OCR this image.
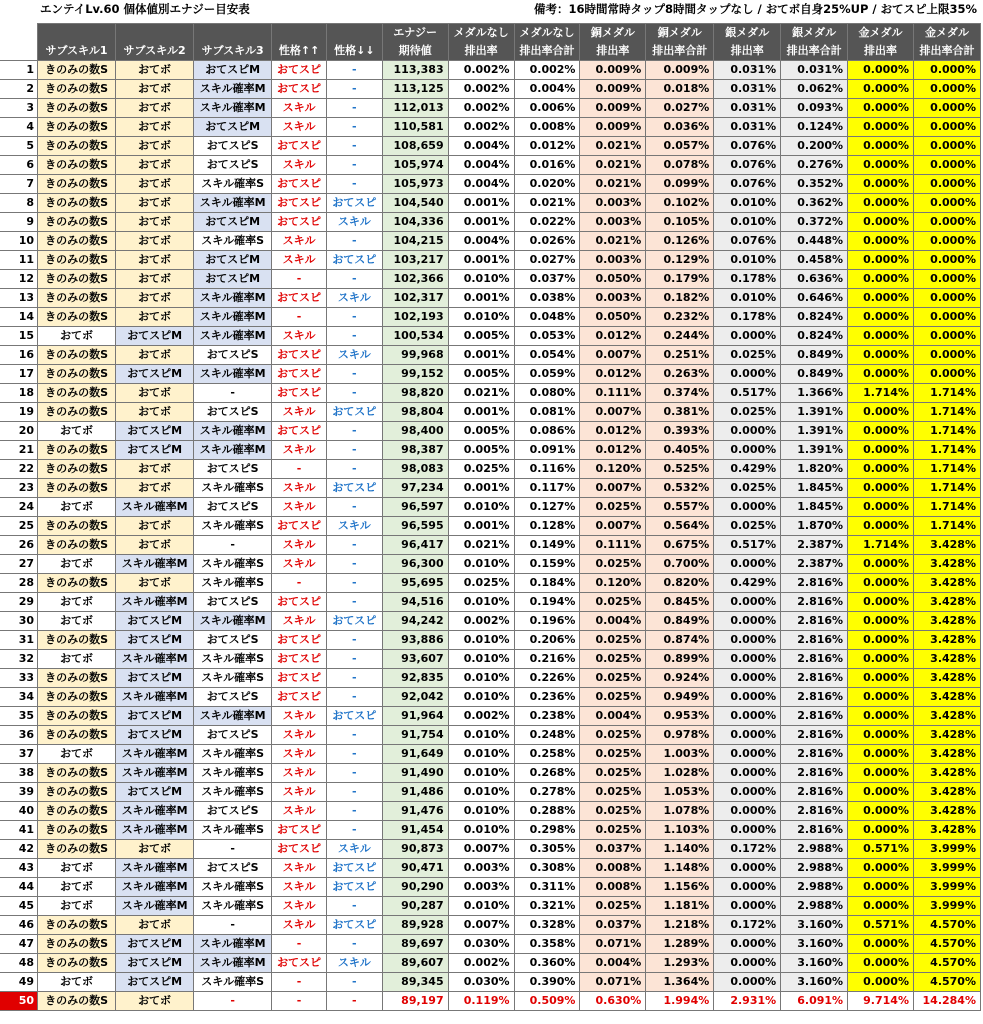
エンテイLv.60 個体値別エナジー目安表	備考：16時間常時タップ8時間タップなし / おてボ自身25%UP / おてスピ上限35%
						エナジー	メダルなし	メダルなし	銅メダル	銅メダル	銀メダル	銀メダル	金メダル	金メダル
	サブスキル1	サブスキル2	サブスキル3	性格↑↑	性格↓↓	期待値	排出率	排出率合計	排出率	排出率合計	排出率	排出率合計	排出率	排出率合計
1	きのみの数S	おてボ	おてスピM	おてスピ	-	113,383	0.002%	0.002%	0.009%	0.009%	0.031%	0.031%	0.000%	0.000%
2	きのみの数S	おてボ	スキル確率M	おてスピ	-	113,125	0.002%	0.004%	0.009%	0.018%	0.031%	0.062%	0.000%	0.000%
3	きのみの数S	おてボ	スキル確率M	スキル	-	112,013	0.002%	0.006%	0.009%	0.027%	0.031%	0.093%	0.000%	0.000%
4	きのみの数S	おてボ	おてスピM	スキル	-	110,581	0.002%	0.008%	0.009%	0.036%	0.031%	0.124%	0.000%	0.000%
5	きのみの数S	おてボ	おてスピS	おてスピ	-	108,659	0.004%	0.012%	0.021%	0.057%	0.076%	0.200%	0.000%	0.000%
6	きのみの数S	おてボ	おてスピS	スキル	-	105,974	0.004%	0.016%	0.021%	0.078%	0.076%	0.276%	0.000%	0.000%
7	きのみの数S	おてボ	スキル確率S	おてスピ	-	105,973	0.004%	0.020%	0.021%	0.099%	0.076%	0.352%	0.000%	0.000%
8	きのみの数S	おてボ	スキル確率M	おてスピ	おてスピ	104,540	0.001%	0.021%	0.003%	0.102%	0.010%	0.362%	0.000%	0.000%
9	きのみの数S	おてボ	おてスピM	おてスピ	スキル	104,336	0.001%	0.022%	0.003%	0.105%	0.010%	0.372%	0.000%	0.000%
10	きのみの数S	おてボ	スキル確率S	スキル	-	104,215	0.004%	0.026%	0.021%	0.126%	0.076%	0.448%	0.000%	0.000%
11	きのみの数S	おてボ	おてスピM	スキル	おてスピ	103,217	0.001%	0.027%	0.003%	0.129%	0.010%	0.458%	0.000%	0.000%
12	きのみの数S	おてボ	おてスピM	-	-	102,366	0.010%	0.037%	0.050%	0.179%	0.178%	0.636%	0.000%	0.000%
13	きのみの数S	おてボ	スキル確率M	おてスピ	スキル	102,317	0.001%	0.038%	0.003%	0.182%	0.010%	0.646%	0.000%	0.000%
14	きのみの数S	おてボ	スキル確率M	-	-	102,193	0.010%	0.048%	0.050%	0.232%	0.178%	0.824%	0.000%	0.000%
15	おてボ	おてスピM	スキル確率M	スキル	-	100,534	0.005%	0.053%	0.012%	0.244%	0.000%	0.824%	0.000%	0.000%
16	きのみの数S	おてボ	おてスピS	おてスピ	スキル	99,968	0.001%	0.054%	0.007%	0.251%	0.025%	0.849%	0.000%	0.000%
17	きのみの数S	おてスピM	スキル確率M	おてスピ	-	99,152	0.005%	0.059%	0.012%	0.263%	0.000%	0.849%	0.000%	0.000%
18	きのみの数S	おてボ	-	おてスピ	-	98,820	0.021%	0.080%	0.111%	0.374%	0.517%	1.366%	1.714%	1.714%
19	きのみの数S	おてボ	おてスピS	スキル	おてスピ	98,804	0.001%	0.081%	0.007%	0.381%	0.025%	1.391%	0.000%	1.714%
20	おてボ	おてスピM	スキル確率M	おてスピ	-	98,400	0.005%	0.086%	0.012%	0.393%	0.000%	1.391%	0.000%	1.714%
21	きのみの数S	おてスピM	スキル確率M	スキル	-	98,387	0.005%	0.091%	0.012%	0.405%	0.000%	1.391%	0.000%	1.714%
22	きのみの数S	おてボ	おてスピS	-	-	98,083	0.025%	0.116%	0.120%	0.525%	0.429%	1.820%	0.000%	1.714%
23	きのみの数S	おてボ	スキル確率S	スキル	おてスピ	97,234	0.001%	0.117%	0.007%	0.532%	0.025%	1.845%	0.000%	1.714%
24	おてボ	スキル確率M	おてスピS	スキル	-	96,597	0.010%	0.127%	0.025%	0.557%	0.000%	1.845%	0.000%	1.714%
25	きのみの数S	おてボ	スキル確率S	おてスピ	スキル	96,595	0.001%	0.128%	0.007%	0.564%	0.025%	1.870%	0.000%	1.714%
26	きのみの数S	おてボ	-	スキル	-	96,417	0.021%	0.149%	0.111%	0.675%	0.517%	2.387%	1.714%	3.428%
27	おてボ	スキル確率M	スキル確率S	スキル	-	96,300	0.010%	0.159%	0.025%	0.700%	0.000%	2.387%	0.000%	3.428%
28	きのみの数S	おてボ	スキル確率S	-	-	95,695	0.025%	0.184%	0.120%	0.820%	0.429%	2.816%	0.000%	3.428%
29	おてボ	スキル確率M	おてスピS	おてスピ	-	94,516	0.010%	0.194%	0.025%	0.845%	0.000%	2.816%	0.000%	3.428%
30	おてボ	おてスピM	スキル確率M	スキル	おてスピ	94,242	0.002%	0.196%	0.004%	0.849%	0.000%	2.816%	0.000%	3.428%
31	きのみの数S	おてスピM	おてスピS	おてスピ	-	93,886	0.010%	0.206%	0.025%	0.874%	0.000%	2.816%	0.000%	3.428%
32	おてボ	スキル確率M	スキル確率S	おてスピ	-	93,607	0.010%	0.216%	0.025%	0.899%	0.000%	2.816%	0.000%	3.428%
33	きのみの数S	おてスピM	スキル確率S	おてスピ	-	92,835	0.010%	0.226%	0.025%	0.924%	0.000%	2.816%	0.000%	3.428%
34	きのみの数S	スキル確率M	おてスピS	おてスピ	-	92,042	0.010%	0.236%	0.025%	0.949%	0.000%	2.816%	0.000%	3.428%
35	きのみの数S	おてスピM	スキル確率M	スキル	おてスピ	91,964	0.002%	0.238%	0.004%	0.953%	0.000%	2.816%	0.000%	3.428%
36	きのみの数S	おてスピM	おてスピS	スキル	-	91,754	0.010%	0.248%	0.025%	0.978%	0.000%	2.816%	0.000%	3.428%
37	おてボ	スキル確率M	スキル確率S	スキル	-	91,649	0.010%	0.258%	0.025%	1.003%	0.000%	2.816%	0.000%	3.428%
38	きのみの数S	スキル確率M	スキル確率S	スキル	-	91,490	0.010%	0.268%	0.025%	1.028%	0.000%	2.816%	0.000%	3.428%
39	きのみの数S	おてスピM	スキル確率S	スキル	-	91,486	0.010%	0.278%	0.025%	1.053%	0.000%	2.816%	0.000%	3.428%
40	きのみの数S	スキル確率M	おてスピS	スキル	-	91,476	0.010%	0.288%	0.025%	1.078%	0.000%	2.816%	0.000%	3.428%
41	きのみの数S	スキル確率M	スキル確率S	おてスピ	-	91,454	0.010%	0.298%	0.025%	1.103%	0.000%	2.816%	0.000%	3.428%
42	きのみの数S	おてボ	-	おてスピ	スキル	90,873	0.007%	0.305%	0.037%	1.140%	0.172%	2.988%	0.571%	3.999%
43	おてボ	スキル確率M	おてスピS	スキル	おてスピ	90,471	0.003%	0.308%	0.008%	1.148%	0.000%	2.988%	0.000%	3.999%
44	おてボ	スキル確率M	スキル確率S	スキル	おてスピ	90,290	0.003%	0.311%	0.008%	1.156%	0.000%	2.988%	0.000%	3.999%
45	おてボ	スキル確率M	スキル確率S	スキル	-	90,287	0.010%	0.321%	0.025%	1.181%	0.000%	2.988%	0.000%	3.999%
46	きのみの数S	おてボ	-	スキル	おてスピ	89,928	0.007%	0.328%	0.037%	1.218%	0.172%	3.160%	0.571%	4.570%
47	きのみの数S	おてスピM	スキル確率M	-	-	89,697	0.030%	0.358%	0.071%	1.289%	0.000%	3.160%	0.000%	4.570%
48	きのみの数S	おてスピM	スキル確率M	おてスピ	スキル	89,607	0.002%	0.360%	0.004%	1.293%	0.000%	3.160%	0.000%	4.570%
49	おてボ	おてスピM	スキル確率S	-	-	89,345	0.030%	0.390%	0.071%	1.364%	0.000%	3.160%	0.000%	4.570%
50	きのみの数S	おてボ	-	-	-	89,197	0.119%	0.509%	0.630%	1.994%	2.931%	6.091%	9.714%	14.284%
